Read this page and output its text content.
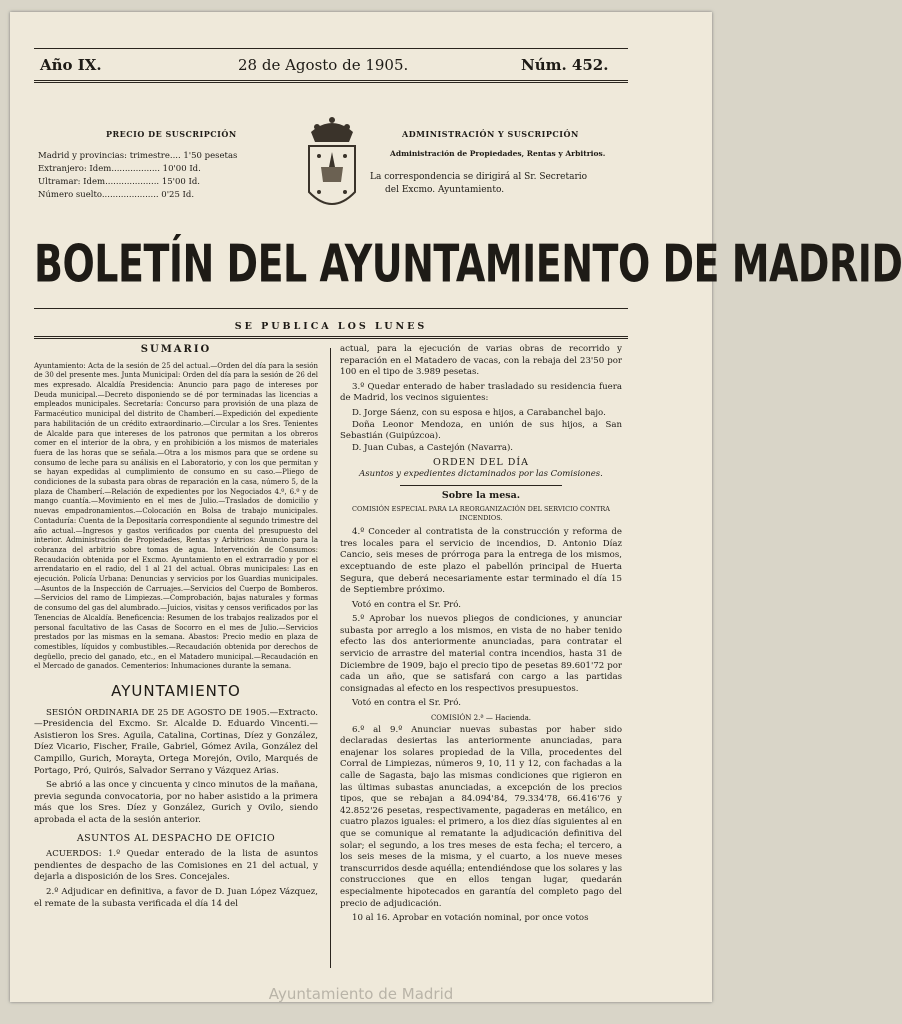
Año IX.	28 de Agosto de 1905.	Núm. 452.
PRECIO DE SUSCRIPCIÓN
Madrid y provincias: trimestre.... 1'50 pesetas
Extranjero: Idem.................. 10'00 Id.
Ultramar: Idem.................... 15'00 Id.
Número suelto..................... 0'25 Id.
ADMINISTRACIÓN Y SUSCRIPCIÓN
Administración de Propiedades, Rentas y Arbitrios.
La correspondencia se dirigirá al Sr. Secretario
del Excmo. Ayuntamiento.
BOLETÍN DEL AYUNTAMIENTO DE MADRID
SE PUBLICA LOS LUNES
SUMARIO
Ayuntamiento: Acta de la sesión de 25 del actual.—Orden del día para la sesión de 30 del presente mes. Junta Municipal: Orden del día para la sesión de 26 del mes expresado. Alcaldía Presidencia: Anuncio para pago de intereses por Deuda municipal.—Decreto disponiendo se dé por terminadas las licencias a empleados municipales. Secretaría: Concurso para provisión de una plaza de Farmacéutico municipal del distrito de Chamberí.—Expedición del expediente para habilitación de un crédito extraordinario.—Circular a los Sres. Tenientes de Alcalde para que intereses de los patronos que permitan a los obreros comer en el interior de la obra, y en prohibición a los mismos de materiales fuera de las horas que se señala.—Otra a los mismos para que se ordene su consumo de leche para su análisis en el Laboratorio, y con los que permitan y se hayan expedidas al cumplimiento de consumo en su caso.—Pliego de condiciones de la subasta para obras de reparación en la casa, número 5, de la plaza de Chamberí.—Relación de expedientes por los Negociados 4.º, 6.º y de mango cuantía.—Movimiento en el mes de Julio.—Traslados de domicilio y nuevas empadronamientos.—Colocación en Bolsa de trabajo municipales. Contaduría: Cuenta de la Depositaría correspondiente al segundo trimestre del año actual.—Ingresos y gastos verificados por cuenta del presupuesto del interior. Administración de Propiedades, Rentas y Arbitrios: Anuncio para la cobranza del arbitrio sobre tomas de agua. Intervención de Consumos: Recaudación obtenida por el Excmo. Ayuntamiento en el extrarradio y por el arrendatario en el radio, del 1 al 21 del actual. Obras municipales: Las en ejecución. Policía Urbana: Denuncias y servicios por los Guardias municipales.—Asuntos de la Inspección de Carruajes.—Servicios del Cuerpo de Bomberos.—Servicios del ramo de Limpiezas.—Comprobación, bajas naturales y formas de consumo del gas del alumbrado.—Juicios, visitas y censos verificados por las Tenencias de Alcaldía. Beneficencia: Resumen de los trabajos realizados por el personal facultativo de las Casas de Socorro en el mes de Julio.—Servicios prestados por las mismas en la semana. Abastos: Precio medio en plaza de comestibles, líquidos y combustibles.—Recaudación obtenida por derechos de degüello, precio del ganado, etc., en el Matadero municipal.—Recaudación en el Mercado de ganados. Cementerios: Inhumaciones durante la semana.
AYUNTAMIENTO

SESIÓN ORDINARIA DE 25 DE AGOSTO DE 1905.—Extracto.—Presidencia del Excmo. Sr. Alcalde D. Eduardo Vincenti.—Asistieron los Sres. Aguila, Catalina, Cortinas, Díez y González, Díez Vicario, Fischer, Fraile, Gabriel, Gómez Avila, González del Campillo, Gurich, Morayta, Ortega Morejón, Ovilo, Marqués de Portago, Pró, Quirós, Salvador Serrano y Vázquez Arias.

Se abrió a las once y cincuenta y cinco minutos de la mañana, previa segunda convocatoria, por no haber asistido a la primera más que los Sres. Díez y González, Gurich y Ovilo, siendo aprobada el acta de la sesión anterior.

ASUNTOS AL DESPACHO DE OFICIO

ACUERDOS: 1.º Quedar enterado de la lista de asuntos pendientes de despacho de las Comisiones en 21 del actual, y dejarla a disposición de los Sres. Concejales.

2.º Adjudicar en definitiva, a favor de D. Juan López Vázquez, el remate de la subasta verificada el día 14 del

actual, para la ejecución de varias obras de recorrido y reparación en el Matadero de vacas, con la rebaja del 23'50 por 100 en el tipo de 3.989 pesetas.

3.º Quedar enterado de haber trasladado su residencia fuera de Madrid, los vecinos siguientes:

D. Jorge Sáenz, con su esposa e hijos, a Carabanchel bajo.

Doña Leonor Mendoza, en unión de sus hijos, a San Sebastián (Guipúzcoa).

D. Juan Cubas, a Castejón (Navarra).

ORDEN DEL DÍA
Asuntos y expedientes dictaminados por las Comisiones.
Sobre la mesa.
COMISIÓN ESPECIAL PARA LA REORGANIZACIÓN DEL SERVICIO CONTRA INCENDIOS.

4.º Conceder al contratista de la construcción y reforma de tres locales para el servicio de incendios, D. Antonio Díaz Cancio, seis meses de prórroga para la entrega de los mismos, exceptuando de este plazo el pabellón principal de Huerta Segura, que deberá necesariamente estar terminado el día 15 de Septiembre próximo.

Votó en contra el Sr. Pró.

5.º Aprobar los nuevos pliegos de condiciones, y anunciar subasta por arreglo a los mismos, en vista de no haber tenido efecto las dos anteriormente anunciadas, para contratar el servicio de arrastre del material contra incendios, hasta 31 de Diciembre de 1909, bajo el precio tipo de pesetas 89.601'72 por cada un año, que se satisfará con cargo a las partidas consignadas al efecto en los respectivos presupuestos.

Votó en contra el Sr. Pró.

COMISIÓN 2.ª — Hacienda.

6.º al 9.º Anunciar nuevas subastas por haber sido declaradas desiertas las anteriormente anunciadas, para enajenar los solares propiedad de la Villa, procedentes del Corral de Limpiezas, números 9, 10, 11 y 12, con fachadas a la calle de Sagasta, bajo las mismas condiciones que rigieron en las últimas subastas anunciadas, a excepción de los precios tipos, que se rebajan a 84.094'84, 79.334'78, 66.416'76 y 42.852'26 pesetas, respectivamente, pagaderas en metálico, en cuatro plazos iguales: el primero, a los diez días siguientes al en que se comunique al rematante la adjudicación definitiva del solar; el segundo, a los tres meses de esta fecha; el tercero, a los seis meses de la misma, y el cuarto, a los nueve meses transcurridos desde aquélla; entendiéndose que los solares y las construcciones que en ellos tengan lugar, quedarán especialmente hipotecados en garantía del completo pago del precio de adjudicación.

10 al 16. Aprobar en votación nominal, por once votos

Ayuntamiento de Madrid
